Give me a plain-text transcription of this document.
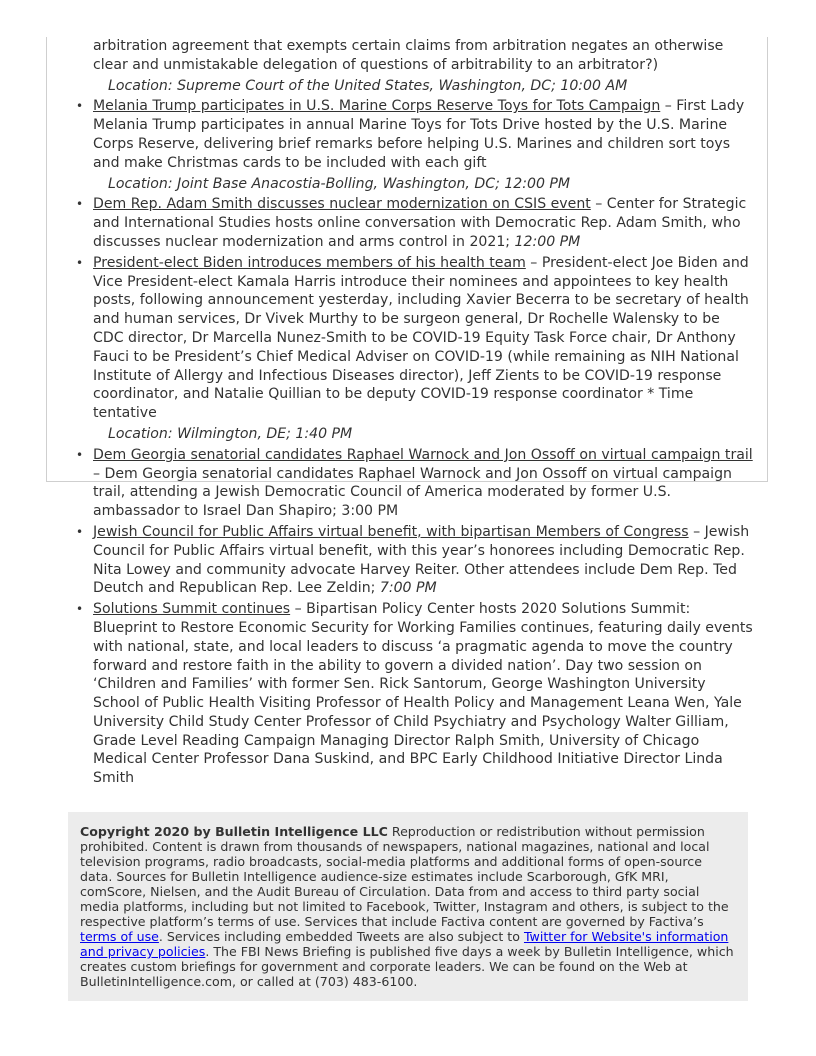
arbitration agreement that exempts certain claims from arbitration negates an otherwise clear and unmistakable delegation of questions of arbitrability to an arbitrator?)

Location: Supreme Court of the United States, Washington, DC; 10:00 AM

• Melania Trump participates in U.S. Marine Corps Reserve Toys for Tots Campaign – First Lady Melania Trump participates in annual Marine Toys for Tots Drive hosted by the U.S. Marine Corps Reserve, delivering brief remarks before helping U.S. Marines and children sort toys and make Christmas cards to be included with each gift

Location: Joint Base Anacostia-Bolling, Washington, DC; 12:00 PM

• Dem Rep. Adam Smith discusses nuclear modernization on CSIS event – Center for Strategic and International Studies hosts online conversation with Democratic Rep. Adam Smith, who discusses nuclear modernization and arms control in 2021; 12:00 PM
• President-elect Biden introduces members of his health team – President-elect Joe Biden and Vice President-elect Kamala Harris introduce their nominees and appointees to key health posts, following announcement yesterday, including Xavier Becerra to be secretary of health and human services, Dr Vivek Murthy to be surgeon general, Dr Rochelle Walensky to be CDC director, Dr Marcella Nunez-Smith to be COVID-19 Equity Task Force chair, Dr Anthony Fauci to be President’s Chief Medical Adviser on COVID-19 (while remaining as NIH National Institute of Allergy and Infectious Diseases director), Jeff Zients to be COVID-19 response coordinator, and Natalie Quillian to be deputy COVID-19 response coordinator * Time tentative

Location: Wilmington, DE; 1:40 PM

• Dem Georgia senatorial candidates Raphael Warnock and Jon Ossoff on virtual campaign trail – Dem Georgia senatorial candidates Raphael Warnock and Jon Ossoff on virtual campaign trail, attending a Jewish Democratic Council of America moderated by former U.S. ambassador to Israel Dan Shapiro; 3:00 PM
• Jewish Council for Public Affairs virtual benefit, with bipartisan Members of Congress – Jewish Council for Public Affairs virtual benefit, with this year’s honorees including Democratic Rep. Nita Lowey and community advocate Harvey Reiter. Other attendees include Dem Rep. Ted Deutch and Republican Rep. Lee Zeldin; 7:00 PM
• Solutions Summit continues – Bipartisan Policy Center hosts 2020 Solutions Summit: Blueprint to Restore Economic Security for Working Families continues, featuring daily events with national, state, and local leaders to discuss ‘a pragmatic agenda to move the country forward and restore faith in the ability to govern a divided nation’. Day two session on ‘Children and Families’ with former Sen. Rick Santorum, George Washington University School of Public Health Visiting Professor of Health Policy and Management Leana Wen, Yale University Child Study Center Professor of Child Psychiatry and Psychology Walter Gilliam, Grade Level Reading Campaign Managing Director Ralph Smith, University of Chicago Medical Center Professor Dana Suskind, and BPC Early Childhood Initiative Director Linda Smith
Copyright 2020 by Bulletin Intelligence LLC Reproduction or redistribution without permission prohibited. Content is drawn from thousands of newspapers, national magazines, national and local television programs, radio broadcasts, social-media platforms and additional forms of open-source data. Sources for Bulletin Intelligence audience-size estimates include Scarborough, GfK MRI, comScore, Nielsen, and the Audit Bureau of Circulation. Data from and access to third party social media platforms, including but not limited to Facebook, Twitter, Instagram and others, is subject to the respective platform’s terms of use. Services that include Factiva content are governed by Factiva’s terms of use. Services including embedded Tweets are also subject to Twitter for Website's information and privacy policies. The FBI News Briefing is published five days a week by Bulletin Intelligence, which creates custom briefings for government and corporate leaders. We can be found on the Web at BulletinIntelligence.com, or called at (703) 483-6100.
